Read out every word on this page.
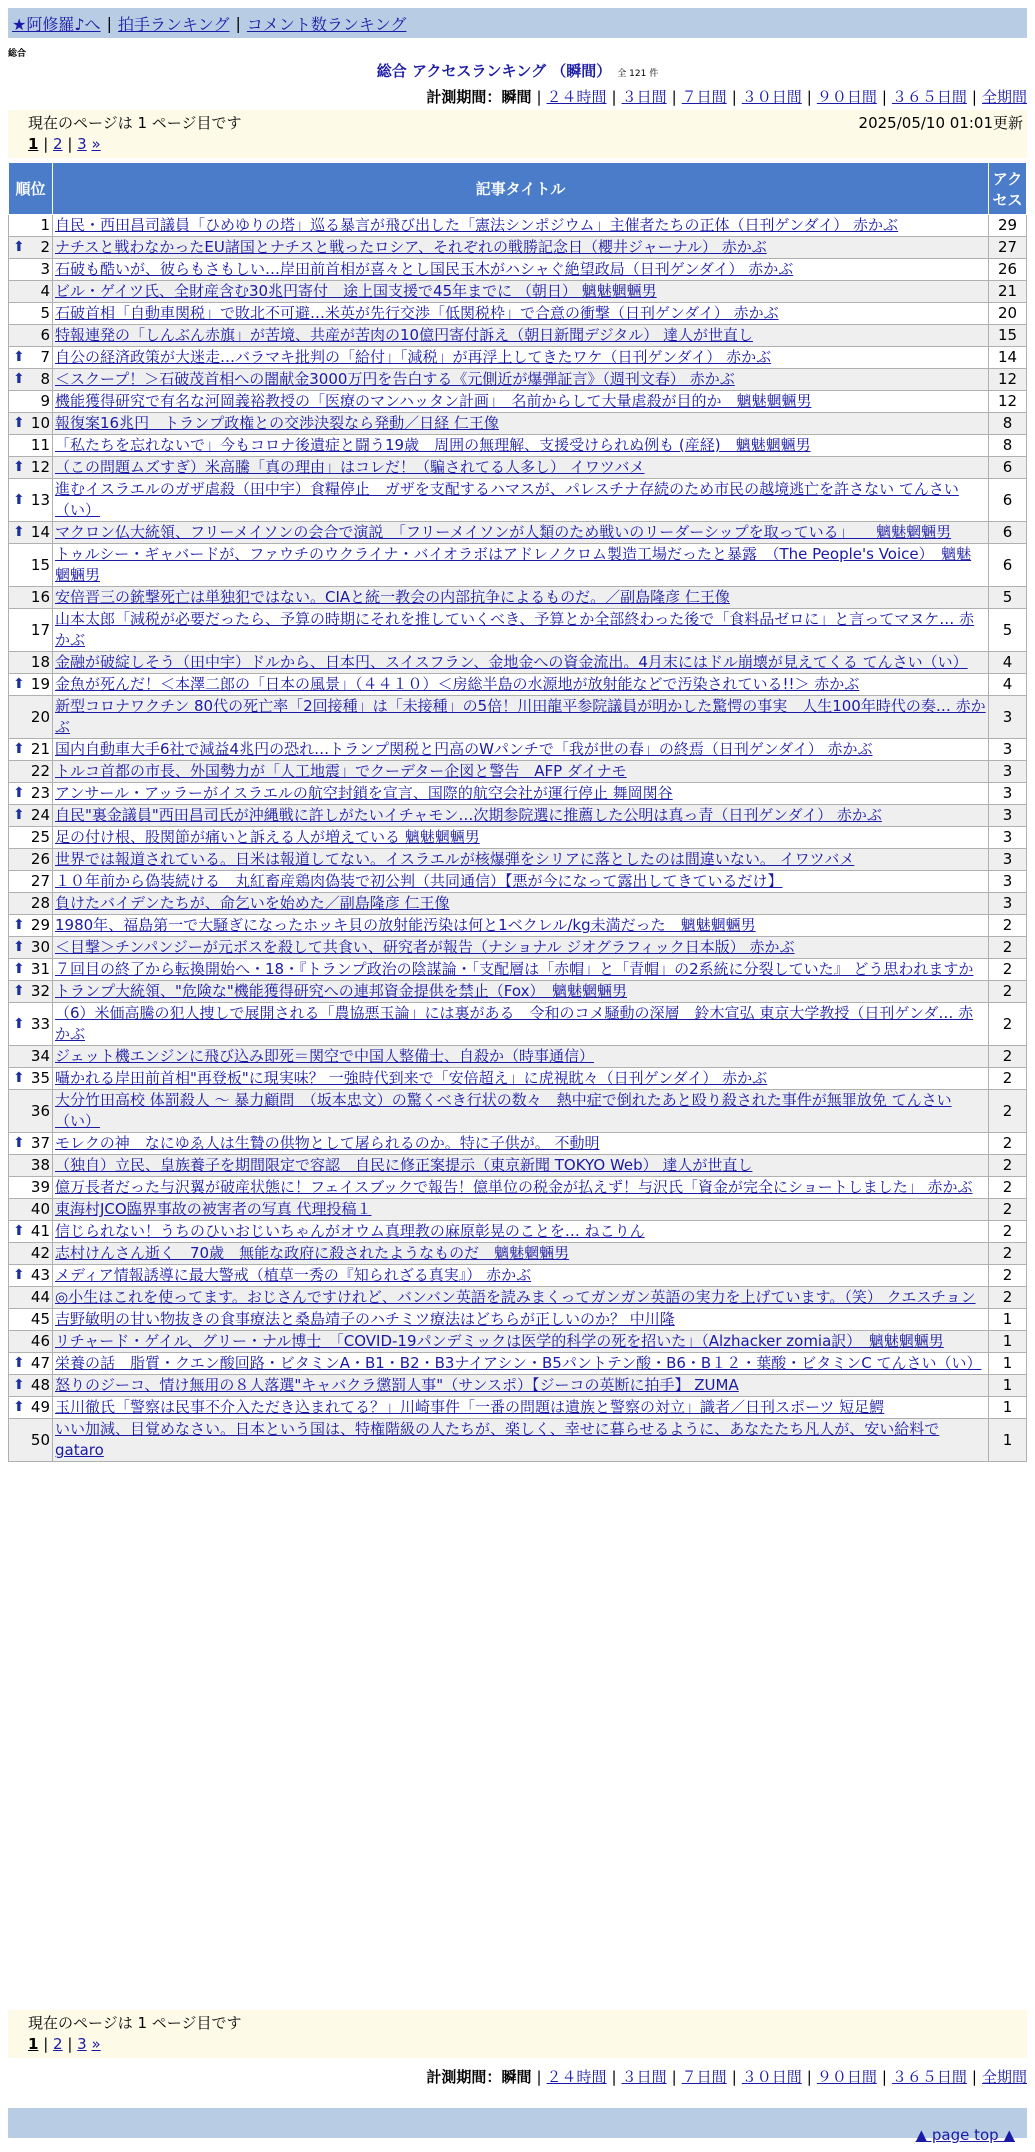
★阿修羅♪へ | 拍手ランキング | コメント数ランキング
総合
総合 アクセスランキング （瞬間） 全 121 件
計測期間：瞬間 | ２４時間 | ３日間 | ７日間 | ３０日間 | ９０日間 | ３６５日間 | 全期間
現在のページは 1 ページ目です	2025/05/10 01:01更新
1 | 2 | 3 »
順位	記事タイトル	アクセス
1	自民・西田昌司議員「ひめゆりの塔」巡る暴言が飛び出した「憲法シンポジウム」主催者たちの正体（日刊ゲンダイ） 赤かぶ	29

⬆ 2	ナチスと戦わなかったEU諸国とナチスと戦ったロシア、それぞれの戦勝記念日（櫻井ジャーナル） 赤かぶ	27
3	石破も酷いが、彼らもさもしい…岸田前首相が喜々とし国民玉木がハシャぐ絶望政局（日刊ゲンダイ） 赤かぶ	26
4	ビル・ゲイツ氏、全財産含む30兆円寄付　途上国支援で45年までに （朝日） 魑魅魍魎男	21
5	石破首相「自動車関税」で敗北不可避…米英が先行交渉「低関税枠」で合意の衝撃（日刊ゲンダイ） 赤かぶ	20
6	特報連発の「しんぶん赤旗」が苦境、共産が苦肉の10億円寄付訴え（朝日新聞デジタル） 達人が世直し	15

⬆ 7	自公の経済政策が大迷走…バラマキ批判の「給付」「減税」が再浮上してきたワケ（日刊ゲンダイ） 赤かぶ	14

⬆ 8	＜スクープ！＞石破茂首相への闇献金3000万円を告白する《元側近が爆弾証言》（週刊文春） 赤かぶ	12
9	機能獲得研究で有名な河岡義裕教授の「医療のマンハッタン計画」　名前からして大量虐殺が目的か　魑魅魍魎男	12

⬆ 10	報復案16兆円　トランプ政権との交渉決裂なら発動／日経 仁王像	8
11	「私たちを忘れないで」今もコロナ後遺症と闘う19歳　周囲の無理解、支援受けられぬ例も (産経)　魑魅魍魎男	8

⬆ 12	（この問題ムズすぎ）米高騰「真の理由」はコレだ！（騙されてる人多し） イワツバメ	6

⬆ 13	進むイスラエルのガザ虐殺（田中宇）食糧停止　ガザを支配するハマスが、パレスチナ存続のため市民の越境逃亡を許さない てんさい（い）	6

⬆ 14	マクロン仏大統領、フリーメイソンの会合で演説　「フリーメイソンが人類のため戦いのリーダーシップを取っている」　　魑魅魍魎男	6
15	トゥルシー・ギャバードが、ファウチのウクライナ・バイオラボはアドレノクロム製造工場だったと暴露　（The People's Voice）　魑魅魍魎男	6
16	安倍晋三の銃撃死亡は単独犯ではない。CIAと統一教会の内部抗争によるものだ。／副島隆彦 仁王像	5
17	山本太郎「減税が必要だったら、予算の時期にそれを推していくべき、予算とか全部終わった後で「食料品ゼロに」と言ってマヌケ… 赤かぶ	5
18	金融が破綻しそう（田中宇）ドルから、日本円、スイスフラン、金地金への資金流出。4月末にはドル崩壊が見えてくる てんさい（い）	4

⬆ 19	金魚が死んだ！＜本澤二郎の「日本の風景」（４４１０）＜房総半島の水源地が放射能などで汚染されている!!＞ 赤かぶ	4
20	新型コロナワクチン 80代の死亡率「2回接種」は「未接種」の5倍！川田龍平参院議員が明かした驚愕の事実　人生100年時代の奏… 赤かぶ	3

⬆ 21	国内自動車大手6社で減益4兆円の恐れ…トランプ関税と円高のWパンチで「我が世の春」の終焉（日刊ゲンダイ） 赤かぶ	3
22	トルコ首都の市長、外国勢力が「人工地震」でクーデター企図と警告　AFP ダイナモ	3

⬆ 23	アンサール・アッラーがイスラエルの航空封鎖を宣言、国際的航空会社が運行停止 舞岡関谷	3

⬆ 24	自民"裏金議員"西田昌司氏が沖縄戦に許しがたいイチャモン…次期参院選に推薦した公明は真っ青（日刊ゲンダイ） 赤かぶ	3
25	足の付け根、股関節が痛いと訴える人が増えている 魑魅魍魎男	3
26	世界では報道されている。日米は報道してない。イスラエルが核爆弾をシリアに落としたのは間違いない。 イワツバメ	3
27	１０年前から偽装続ける　丸紅畜産鶏肉偽装で初公判（共同通信）【悪が今になって露出してきているだけ】	3
28	負けたバイデンたちが、命乞いを始めた／副島隆彦 仁王像	3

⬆ 29	1980年、福島第一で大騒ぎになったホッキ貝の放射能汚染は何と1ベクレル/kg未満だった　魑魅魍魎男	2

⬆ 30	＜目撃＞チンパンジーが元ボスを殺して共食い、研究者が報告（ナショナル ジオグラフィック日本版） 赤かぶ	2

⬆ 31	７回目の終了から転換開始へ・18・『トランプ政治の陰謀論・「支配層は「赤帽」と「青帽」の2系統に分裂していた』 どう思われますか	2

⬆ 32	トランプ大統領、"危険な"機能獲得研究への連邦資金提供を禁止（Fox）　魑魅魍魎男	2

⬆ 33	（6）米価高騰の犯人捜しで展開される「農協悪玉論」には裏がある　令和のコメ騒動の深層　鈴木宣弘 東京大学教授（日刊ゲンダ… 赤かぶ	2
34	ジェット機エンジンに飛び込み即死＝関空で中国人整備士、自殺か（時事通信）	2

⬆ 35	囁かれる岸田前首相"再登板"に現実味？ 一強時代到来で「安倍超え」に虎視眈々（日刊ゲンダイ） 赤かぶ	2
36	大分竹田高校 体罰殺人 ～ 暴力顧問　（坂本忠文）の驚くべき行状の数々　熱中症で倒れたあと殴り殺された事件が無罪放免 てんさい（い）	2

⬆ 37	モレクの神　なにゆゑ人は生贄の供物として屠られるのか。特に子供が。 不動明	2
38	（独自）立民、皇族養子を期間限定で容認　自民に修正案提示（東京新聞 TOKYO Web） 達人が世直し	2
39	億万長者だった与沢翼が破産状態に！フェイスブックで報告！億単位の税金が払えず！与沢氏「資金が完全にショートしました」 赤かぶ	2
40	東海村JCO臨界事故の被害者の写真 代理投稿１	2

⬆ 41	信じられない！うちのひいおじいちゃんがオウム真理教の麻原彰晃のことを… ねこりん	2
42	志村けんさん逝く　70歳　無能な政府に殺されたようなものだ　魑魅魍魎男	2

⬆ 43	メディア情報誘導に最大警戒（植草一秀の『知られざる真実』） 赤かぶ	2
44	◎小生はこれを使ってます。おじさんですけれど、バンバン英語を読みまくってガンガン英語の実力を上げています。（笑） クエスチョン	2
45	吉野敏明の甘い物抜きの食事療法と桑島靖子のハチミツ療法はどちらが正しいのか？ 中川隆	1
46	リチャード・ゲイル、グリー・ナル博士　「COVID-19パンデミックは医学的科学の死を招いた」（Alzhacker zomia訳）　魑魅魍魎男	1

⬆ 47	栄養の話　脂質・クエン酸回路・ビタミンA・B1・B2・B3ナイアシン・B5パントテン酸・B6・B１２・葉酸・ビタミンC てんさい（い）	1

⬆ 48	怒りのジーコ、情け無用の８人落選"キャバクラ懲罰人事"（サンスポ）【ジーコの英断に拍手】 ZUMA	1

⬆ 49	玉川徹氏「警察は民事不介入ただき込まれてる？」川崎事件「一番の問題は遺族と警察の対立」識者／日刊スポーツ 短足鰐	1
50	いい加減、目覚めなさい。日本という国は、特権階級の人たちが、楽しく、幸せに暮らせるように、あなたたち凡人が、安い給料で gataro	1
現在のページは 1 ページ目です
1 | 2 | 3 »
計測期間：瞬間 | ２４時間 | ３日間 | ７日間 | ３０日間 | ９０日間 | ３６５日間 | 全期間
▲ page top ▲
